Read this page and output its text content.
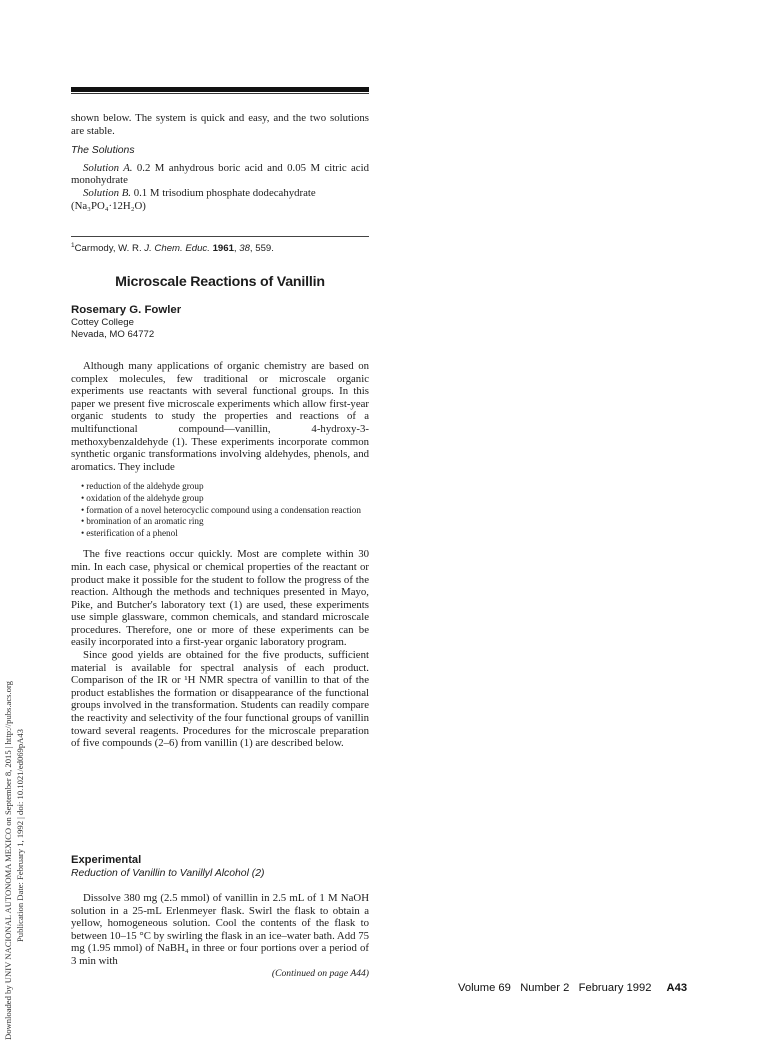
Downloaded by UNIV NACIONAL AUTONOMA MEXICO on September 8, 2015 | http://pubs.acs.org Publication Date: February 1, 1992 | doi: 10.1021/ed069pA43

shown below. The system is quick and easy, and the two solutions are stable.

The Solutions

Solution A. 0.2 M anhydrous boric acid and 0.05 M citric acid monohydrate

Solution B. 0.1 M trisodium phosphate dodecahydrate
(Na₃PO₄·12H₂O)

$^1$Carmody, W. R. J. Chem. Educ. 1961, 38, 559.
Microscale Reactions of Vanillin
Rosemary G. Fowler
Cottey College
Nevada, MO 64772

Although many applications of organic chemistry are based on complex molecules, few traditional or microscale organic experiments use reactants with several functional groups. In this paper we present five microscale experiments which allow first-year organic students to study the properties and reactions of a multifunctional compound—vanillin, 4-hydroxy-3-methoxybenzaldehyde (1). These experiments incorporate common synthetic organic transformations involving aldehydes, phenols, and aromatics. They include

• reduction of the aldehyde group
• oxidation of the aldehyde group
• formation of a novel heterocyclic compound using a condensation reaction
• bromination of an aromatic ring
• esterification of a phenol

The five reactions occur quickly. Most are complete within 30 min. In each case, physical or chemical properties of the reactant or product make it possible for the student to follow the progress of the reaction. Although the methods and techniques presented in Mayo, Pike, and Butcher's laboratory text (1) are used, these experiments use simple glassware, common chemicals, and standard microscale procedures. Therefore, one or more of these experiments can be easily incorporated into a first-year organic laboratory program.

Since good yields are obtained for the five products, sufficient material is available for spectral analysis of each product. Comparison of the IR or ¹H NMR spectra of vanillin to that of the product establishes the formation or disappearance of the functional groups involved in the transformation. Students can readily compare the reactivity and selectivity of the four functional groups of vanillin toward several reagents. Procedures for the microscale preparation of five compounds (2–6) from vanillin (1) are described below.

Experimental
Reduction of Vanillin to Vanillyl Alcohol (2)

Dissolve 380 mg (2.5 mmol) of vanillin in 2.5 mL of 1 M NaOH solution in a 25-mL Erlenmeyer flask. Swirl the flask to obtain a yellow, homogeneous solution. Cool the contents of the flask to between 10–15 °C by swirling the flask in an ice–water bath. Add 75 mg (1.95 mmol) of NaBH₄ in three or four portions over a period of 3 min with

(Continued on page A44)

Volume 69 Number 2 February 1992 A43
